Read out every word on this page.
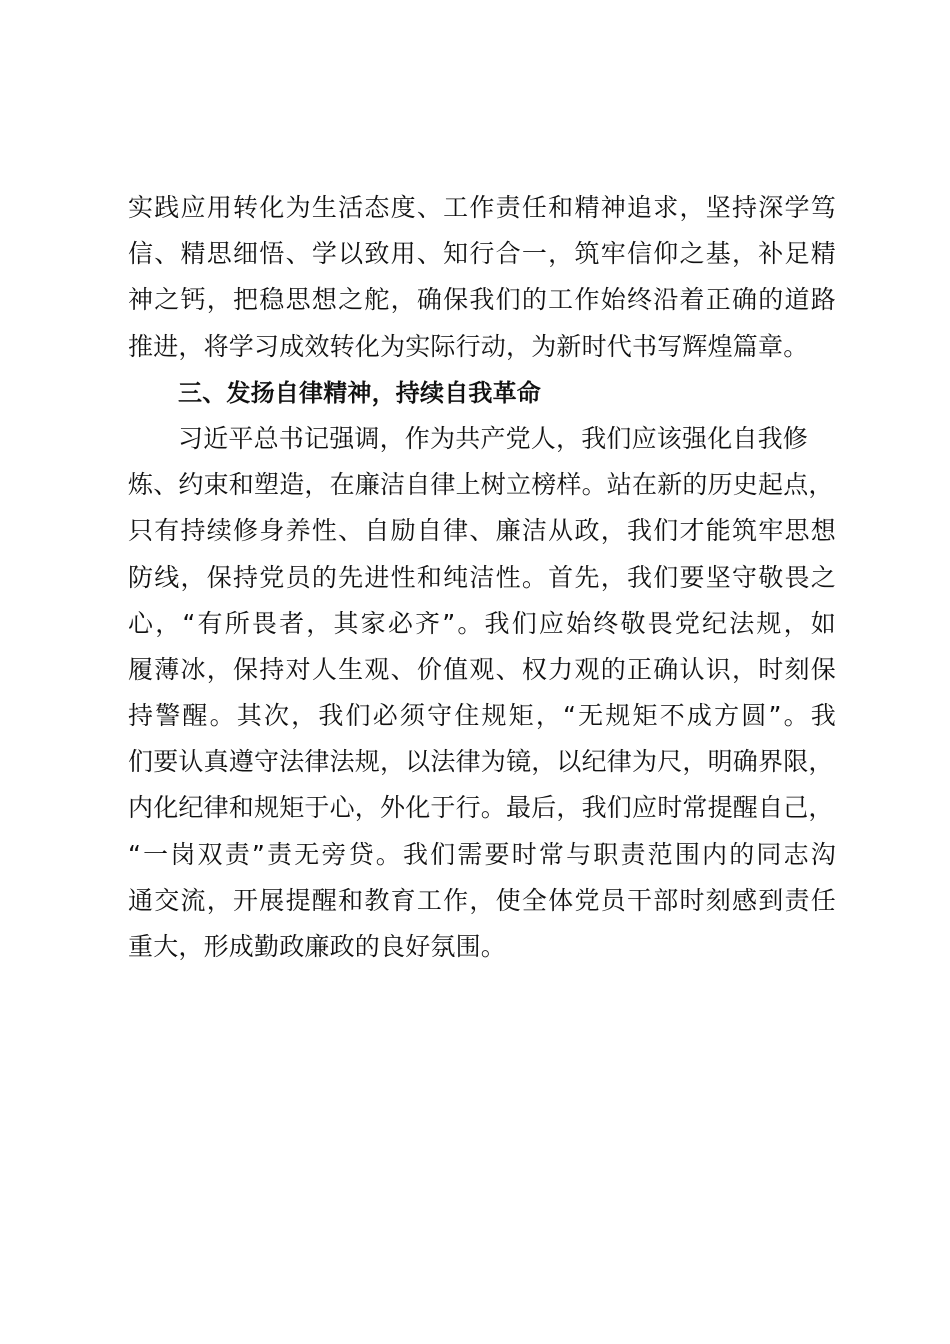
实践应用转化为生活态度、工作责任和精神追求，坚持深学笃
信、精思细悟、学以致用、知行合一，筑牢信仰之基，补足精
神之钙，把稳思想之舵，确保我们的工作始终沿着正确的道路
推进，将学习成效转化为实际行动，为新时代书写辉煌篇章。
三、发扬自律精神，持续自我革命
习近平总书记强调，作为共产党人，我们应该强化自我修
炼、约束和塑造，在廉洁自律上树立榜样。站在新的历史起点，
只有持续修身养性、自励自律、廉洁从政，我们才能筑牢思想
防线，保持党员的先进性和纯洁性。首先，我们要坚守敬畏之
心，“有所畏者，其家必齐”。我们应始终敬畏党纪法规，如
履薄冰，保持对人生观、价值观、权力观的正确认识，时刻保
持警醒。其次，我们必须守住规矩，“无规矩不成方圆”。我
们要认真遵守法律法规，以法律为镜，以纪律为尺，明确界限，
内化纪律和规矩于心，外化于行。最后，我们应时常提醒自己，
“一岗双责”责无旁贷。我们需要时常与职责范围内的同志沟
通交流，开展提醒和教育工作，使全体党员干部时刻感到责任
重大，形成勤政廉政的良好氛围。
